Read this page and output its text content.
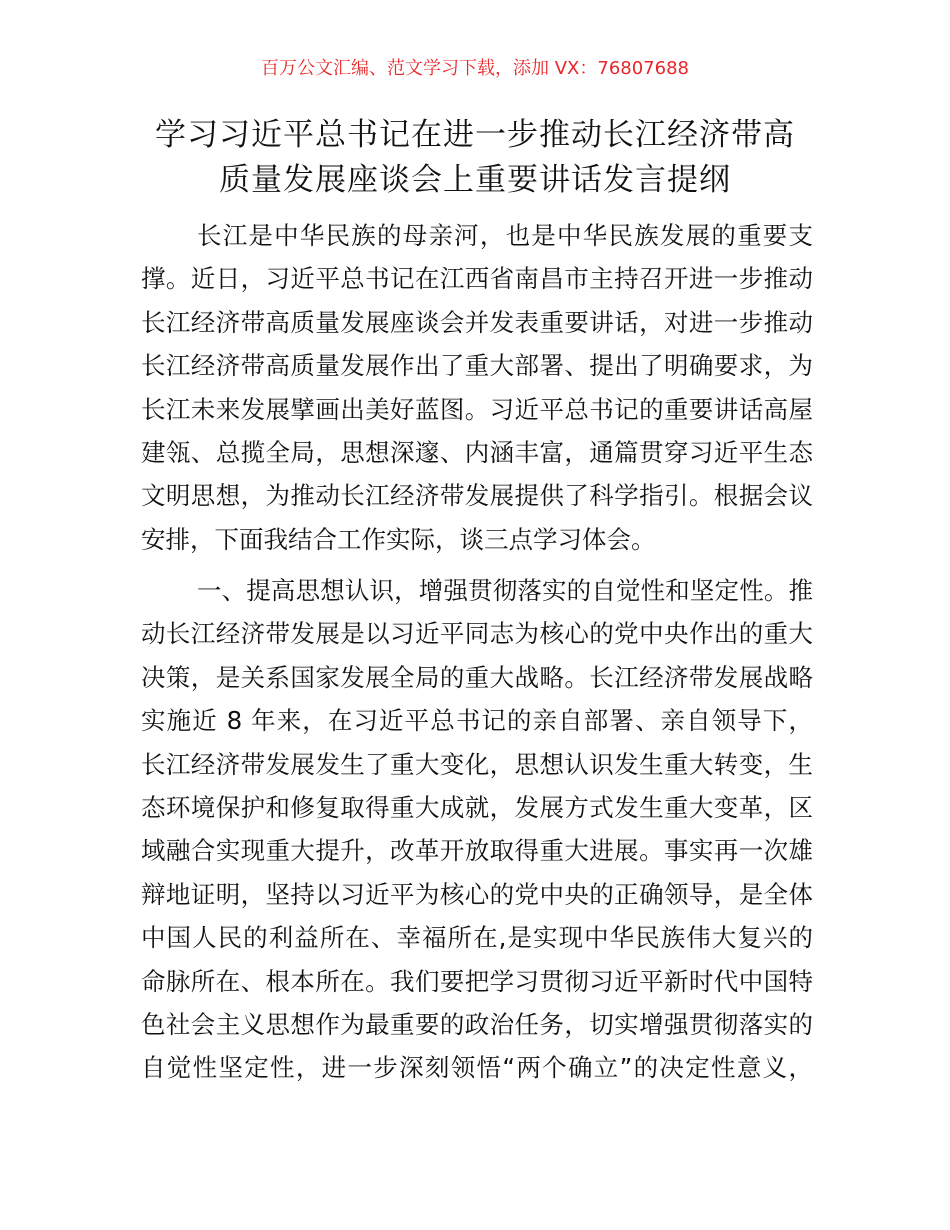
百万公文汇编、范文学习下载，添加 VX：76807688
学习习近平总书记在进一步推动长江经济带高
质量发展座谈会上重要讲话发言提纲
长江是中华民族的母亲河，也是中华民族发展的重要支
撑。近日，习近平总书记在江西省南昌市主持召开进一步推动
长江经济带高质量发展座谈会并发表重要讲话，对进一步推动
长江经济带高质量发展作出了重大部署、提出了明确要求，为
长江未来发展擘画出美好蓝图。习近平总书记的重要讲话高屋
建瓴、总揽全局，思想深邃、内涵丰富，通篇贯穿习近平生态
文明思想，为推动长江经济带发展提供了科学指引。根据会议
安排，下面我结合工作实际，谈三点学习体会。
一、提高思想认识，增强贯彻落实的自觉性和坚定性。推
动长江经济带发展是以习近平同志为核心的党中央作出的重大
决策，是关系国家发展全局的重大战略。长江经济带发展战略
实施近 8 年来，在习近平总书记的亲自部署、亲自领导下，
长江经济带发展发生了重大变化，思想认识发生重大转变，生
态环境保护和修复取得重大成就，发展方式发生重大变革，区
域融合实现重大提升，改革开放取得重大进展。事实再一次雄
辩地证明，坚持以习近平为核心的党中央的正确领导，是全体
中国人民的利益所在、幸福所在,是实现中华民族伟大复兴的
命脉所在、根本所在。我们要把学习贯彻习近平新时代中国特
色社会主义思想作为最重要的政治任务，切实增强贯彻落实的
自觉性坚定性，进一步深刻领悟“两个确立”的决定性意义，
